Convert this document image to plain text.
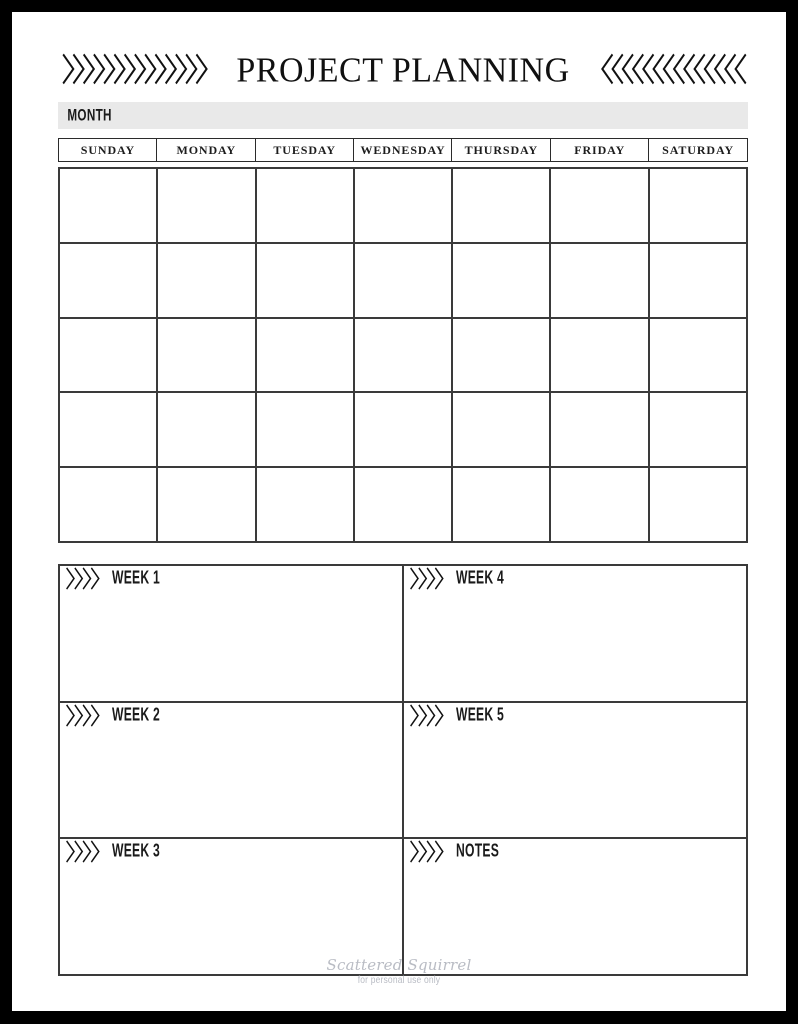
〉〉〉〉〉〉〉〉〉〉〉〉〉〉 PROJECT PLANNING 〈〈〈〈〈〈〈〈〈〈〈〈〈〈
MONTH
SUNDAY	MONDAY	TUESDAY WEDNESDAY THURSDAY	FRIDAY	SATURDAY
〉〉〉〉 WEEK 1
〉〉〉〉 WEEK 2
〉〉〉〉 WEEK 3
〉〉〉〉 WEEK 4
〉〉〉〉 WEEK 5
〉〉〉〉 NOTES
Scattered Squirrel
for personal use only
